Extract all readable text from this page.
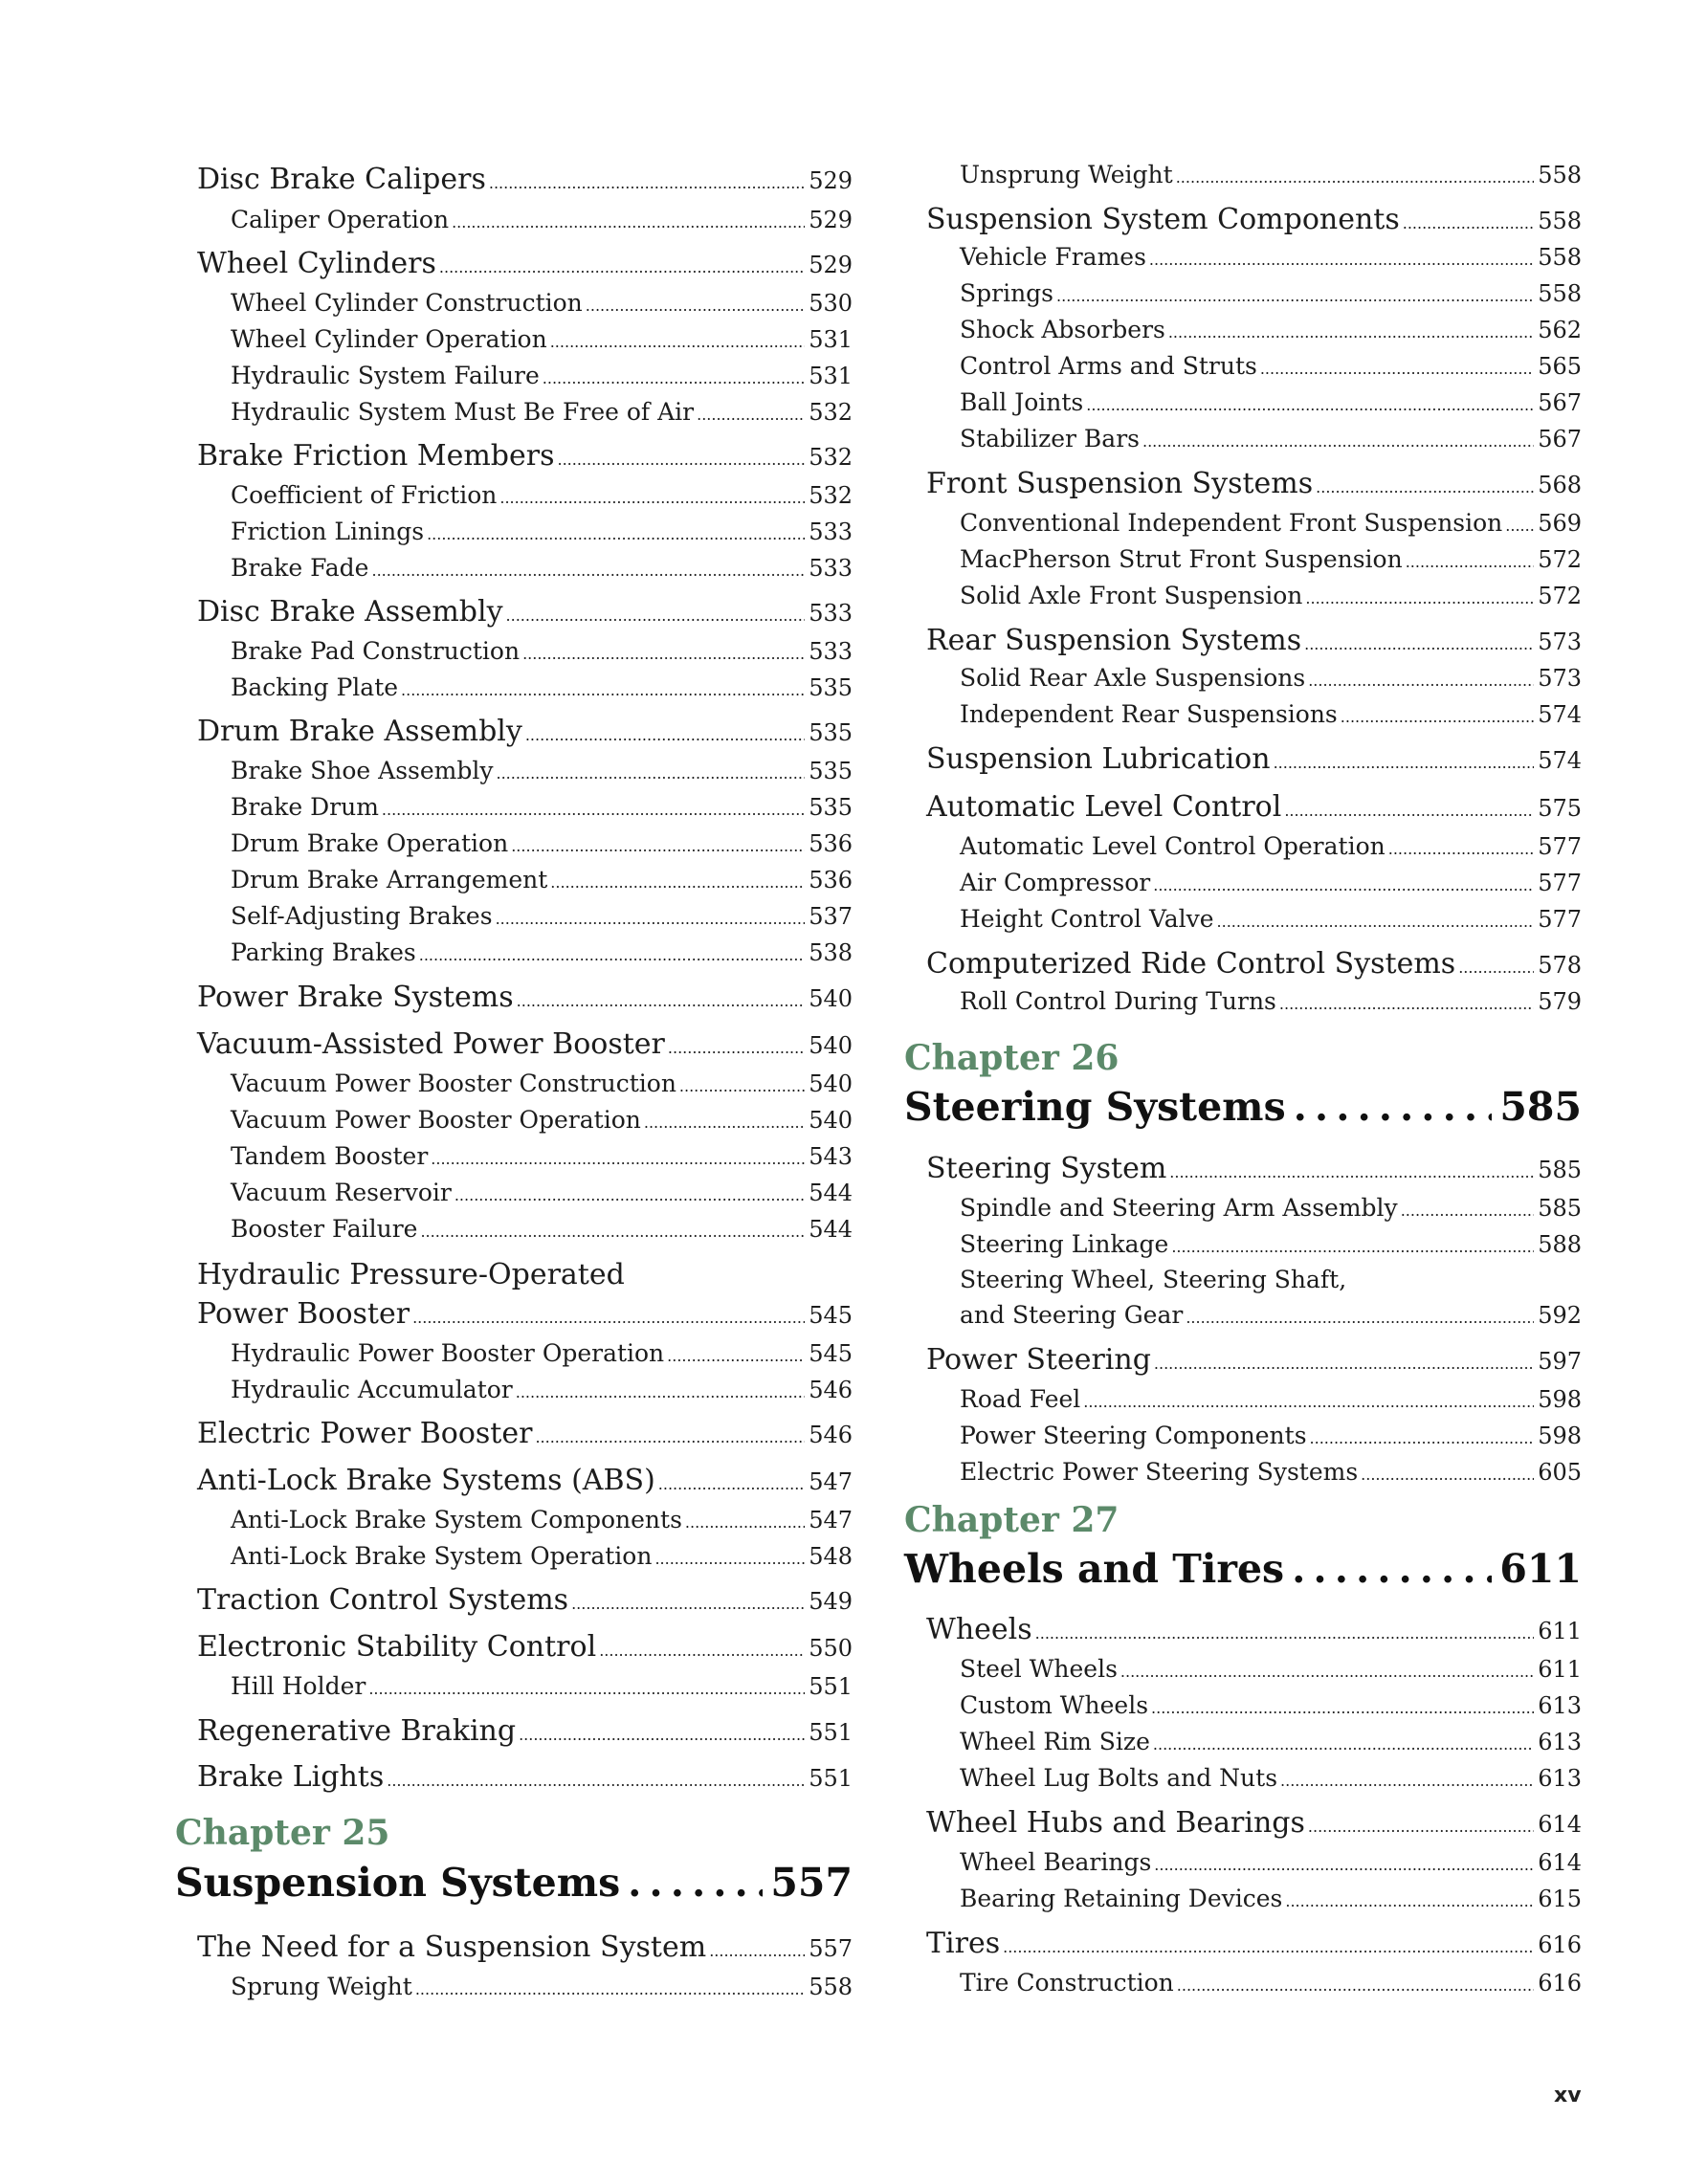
Disc Brake Calipers .....	529
Caliper Operation .....	529
Wheel Cylinders .....	529
Wheel Cylinder Construction .....	530
Wheel Cylinder Operation .....	531
Hydraulic System Failure .....	531
Hydraulic System Must Be Free of Air .....	532
Brake Friction Members .....	532
Coefficient of Friction .....	532
Friction Linings .....	533
Brake Fade .....	533
Disc Brake Assembly .....	533
Brake Pad Construction .....	533
Backing Plate .....	535
Drum Brake Assembly .....	535
Brake Shoe Assembly .....	535
Brake Drum .....	535
Drum Brake Operation .....	536
Drum Brake Arrangement .....	536
Self-Adjusting Brakes .....	537
Parking Brakes .....	538
Power Brake Systems .....	540
Vacuum-Assisted Power Booster .....	540
Vacuum Power Booster Construction .....	540
Vacuum Power Booster Operation .....	540
Tandem Booster .....	543
Vacuum Reservoir .....	544
Booster Failure .....	544
Hydraulic Pressure-Operated
Power Booster .....	545
Hydraulic Power Booster Operation .....	545
Hydraulic Accumulator .....	546
Electric Power Booster .....	546
Anti-Lock Brake Systems (ABS) .....	547
Anti-Lock Brake System Components .....	547
Anti-Lock Brake System Operation .....	548
Traction Control Systems .....	549
Electronic Stability Control .....	550
Hill Holder .....	551
Regenerative Braking .....	551
Brake Lights .....	551
The Need for a Suspension System .....	557
Sprung Weight .....	558
Unsprung Weight .....	558
Suspension System Components .....	558
Vehicle Frames .....	558
Springs .....	558
Shock Absorbers .....	562
Control Arms and Struts .....	565
Ball Joints .....	567
Stabilizer Bars .....	567
Front Suspension Systems .....	568
Conventional Independent Front Suspension ..... 569
MacPherson Strut Front Suspension .....	572
Solid Axle Front Suspension .....	572
Rear Suspension Systems .....	573
Solid Rear Axle Suspensions .....	573
Independent Rear Suspensions .....	574
Suspension Lubrication .....	574
Automatic Level Control .....	575
Automatic Level Control Operation .....	577
Air Compressor .....	577
Height Control Valve .....	577
Computerized Ride Control Systems .....	578
Roll Control During Turns .....	579
Steering System .....	585
Spindle and Steering Arm Assembly .....	585
Steering Linkage .....	588
Steering Wheel, Steering Shaft,
and Steering Gear .....	592
Power Steering .....	597
Road Feel .....	598
Power Steering Components .....	598
Electric Power Steering Systems .....	605
Wheels .....	611
Steel Wheels .....	611
Custom Wheels .....	613
Wheel Rim Size .....	613
Wheel Lug Bolts and Nuts .....	613
Wheel Hubs and Bearings .....	614
Wheel Bearings .....	614
Bearing Retaining Devices .....	615
Tires .....	616
Tire Construction .....	616
Chapter 25
Suspension Systems .....	557
Chapter 26
Steering Systems .....	585
Chapter 27
Wheels and Tires .....	611
xv
